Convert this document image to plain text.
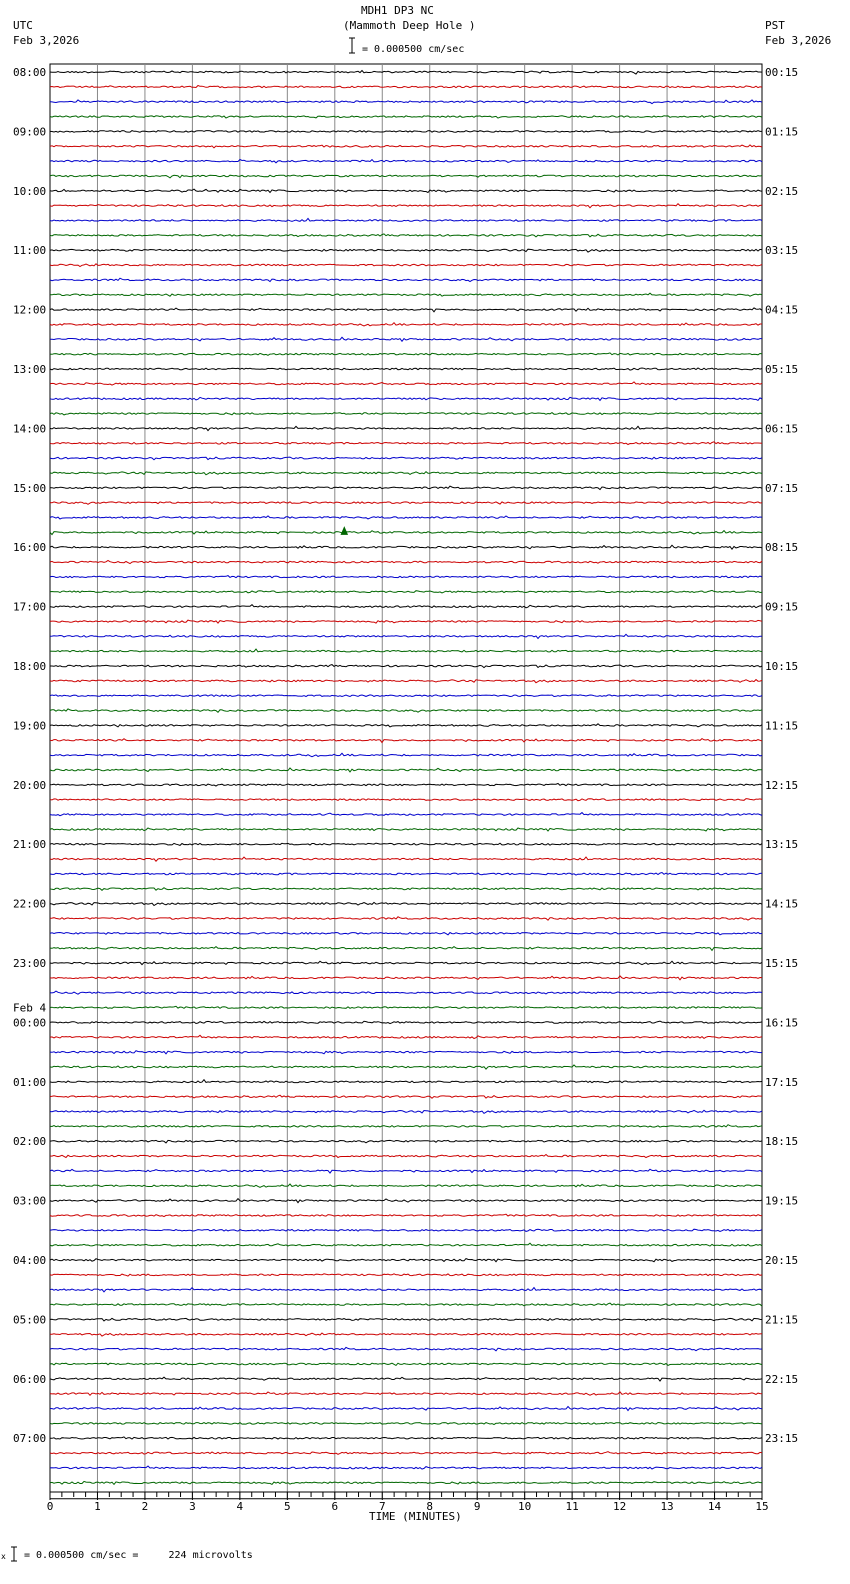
MDH1 DP3 NC
(Mammoth Deep Hole )
= 0.000500 cm/sec
UTC
Feb 3,2026
PST
Feb 3,2026
08:00
09:00
10:00
11:00
12:00
13:00
14:00
15:00
16:00
17:00
18:00
19:00
20:00
21:00
22:00
23:00
00:00
Feb 4
01:00
02:00
03:00
04:00
05:00
06:00
07:00
00:15
01:15
02:15
03:15
04:15
05:15
06:15
07:15
08:15
09:15
10:15
11:15
12:15
13:15
14:15
15:15
16:15
17:15
18:15
19:15
20:15
21:15
22:15
23:15
0	1	2	3	4	5	6	7	8	9	10	11	12	13	14	15
TIME (MINUTES)
x = 0.000500 cm/sec =     224 microvolts
